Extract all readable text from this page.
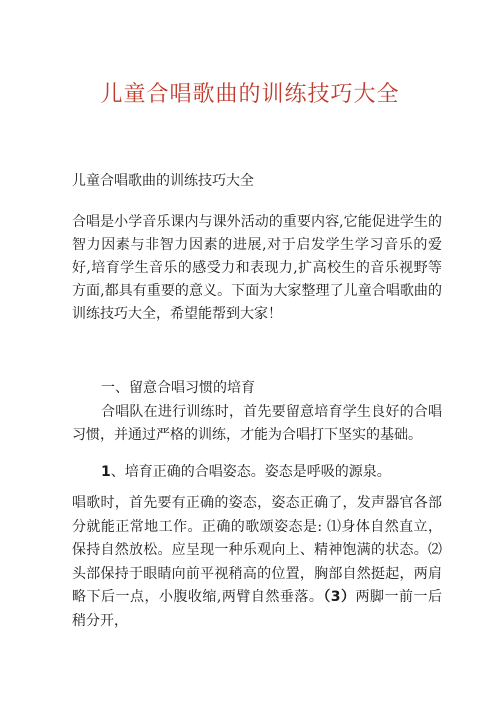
儿童合唱歌曲的训练技巧大全
儿童合唱歌曲的训练技巧大全
合唱是小学音乐课内与课外活动的重要内容,它能促进学生的智力因素与非智力因素的进展,对于启发学生学习音乐的爱好,培育学生音乐的感受力和表现力,扩高校生的音乐视野等方面,都具有重要的意义。下面为大家整理了儿童合唱歌曲的训练技巧大全，希望能帮到大家！
一、留意合唱习惯的培育
合唱队在进行训练时，首先要留意培育学生良好的合唱习惯，并通过严格的训练，才能为合唱打下坚实的基础。
1、培育正确的合唱姿态。姿态是呼吸的源泉。
唱歌时，首先要有正确的姿态，姿态正确了，发声器官各部分就能正常地工作。正确的歌颂姿态是: ⑴身体自然直立，保持自然放松。应呈现一种乐观向上、精神饱满的状态。⑵头部保持于眼睛向前平视稍高的位置，胸部自然挺起，两肩略下后一点，小腹收缩,两臂自然垂落。（3）两脚一前一后稍分开，
